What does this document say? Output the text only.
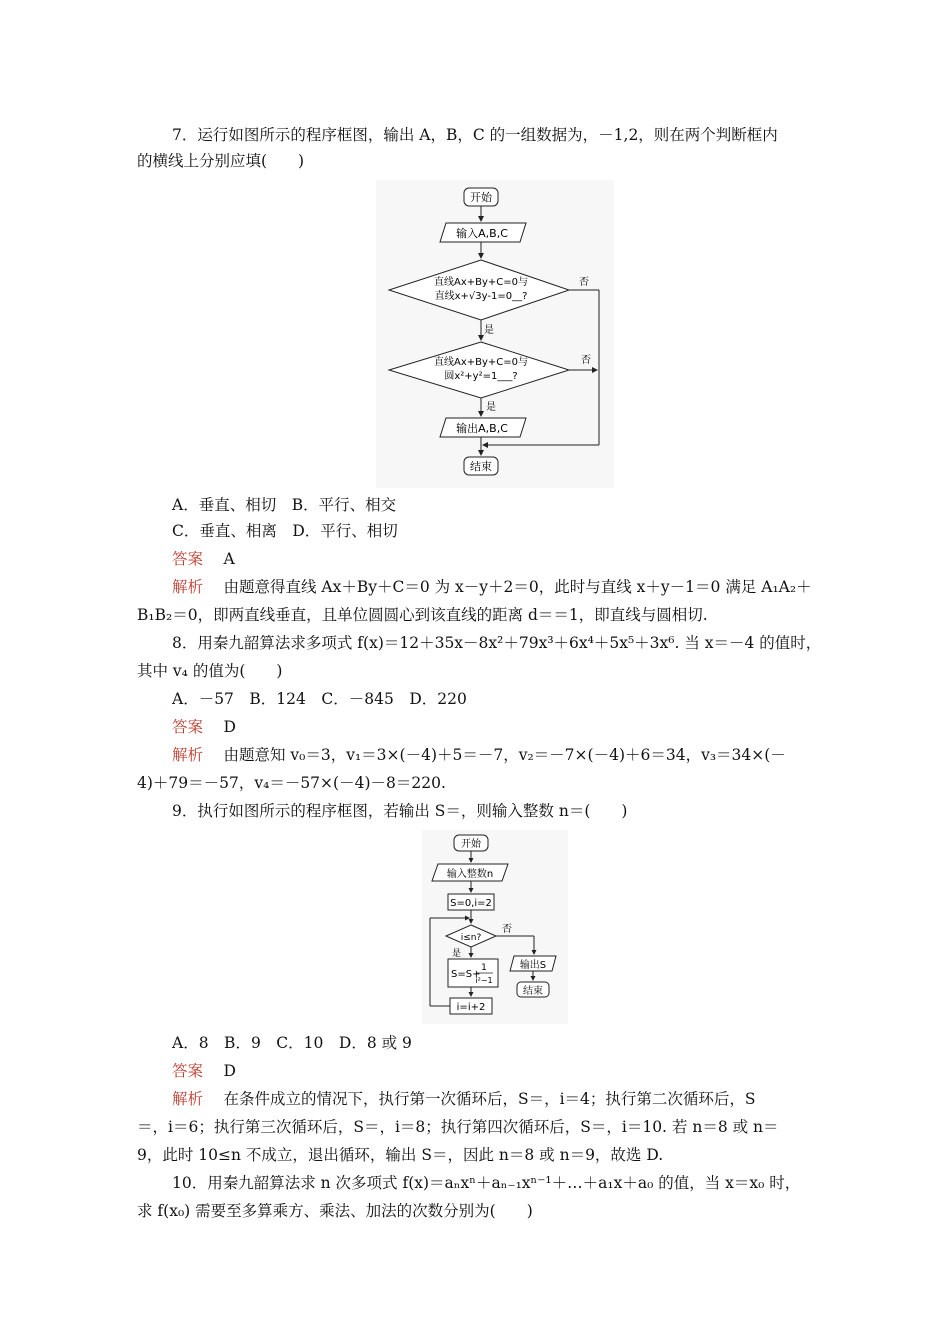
7．运行如图所示的程序框图，输出 A，B，C 的一组数据为，－1,2，则在两个判断框内
的横线上分别应填(　　)
开始
输入A,B,C
直线Ax+By+C=0与
直线x+√3y-1=0__?
否
是
直线Ax+By+C=0与
圆x²+y²=1___?
否
是
输出A,B,C
结束
A．垂直、相切　B．平行、相交
C．垂直、相离　D．平行、相切
答案　 A
解析　 由题意得直线 Ax＋By＋C＝0 为 x－y＋2＝0，此时与直线 x＋y－1＝0 满足 A₁A₂＋
B₁B₂＝0，即两直线垂直，且单位圆圆心到该直线的距离 d＝＝1，即直线与圆相切.
8．用秦九韶算法求多项式 f(x)＝12＋35x－8x²＋79x³＋6x⁴＋5x⁵＋3x⁶. 当 x＝－4 的值时，
其中 v₄ 的值为(　　)
A．－57　B．124　C．－845　D．220
答案　 D
解析　 由题意知 v₀＝3，v₁＝3×(－4)＋5＝－7，v₂＝－7×(－4)＋6＝34，v₃＝34×(－
4)＋79＝－57，v₄＝－57×(－4)－8＝220.
9．执行如图所示的程序框图，若输出 S＝，则输入整数 n＝(　　)
开始
输入整数n
S=0,i=2
i≤n?
否
是
S=S+
1
i²−1
i=i+2
输出S
结束
A．8　B．9　C．10　D．8 或 9
答案　 D
解析　 在条件成立的情况下，执行第一次循环后，S＝，i＝4；执行第二次循环后，S
＝，i＝6；执行第三次循环后，S＝，i＝8；执行第四次循环后，S＝，i＝10. 若 n＝8 或 n＝
9，此时 10≤n 不成立，退出循环，输出 S＝，因此 n＝8 或 n＝9，故选 D.
10．用秦九韶算法求 n 次多项式 f(x)＝aₙxⁿ＋aₙ₋₁xⁿ⁻¹＋…＋a₁x＋a₀ 的值，当 x＝x₀ 时，
求 f(x₀) 需要至多算乘方、乘法、加法的次数分别为(　　)
